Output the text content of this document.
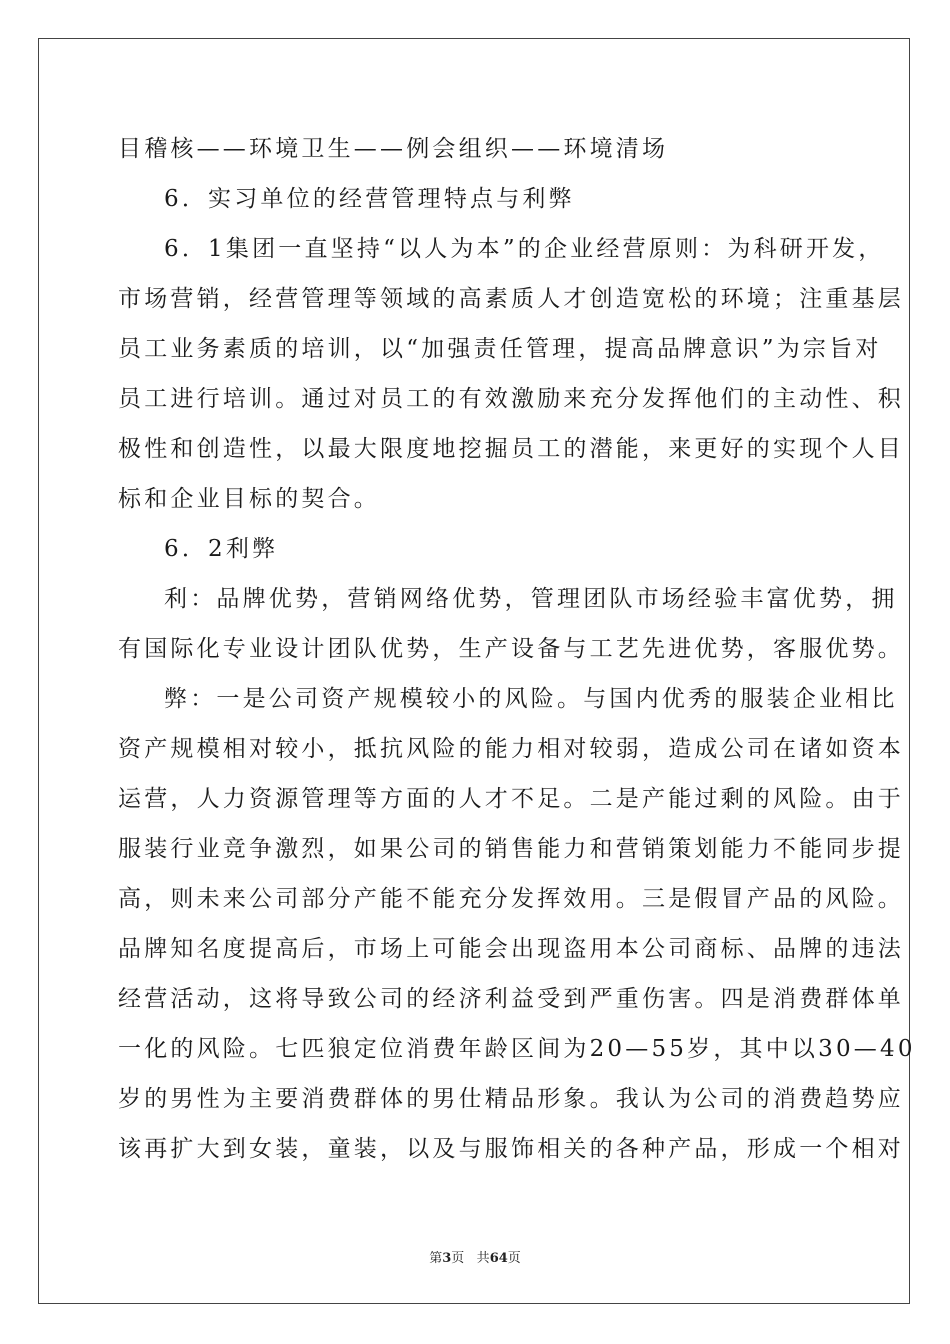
目稽核——环境卫生——例会组织——环境清场

6．实习单位的经营管理特点与利弊

6．1集团一直坚持“以人为本”的企业经营原则：为科研开发，

市场营销，经营管理等领域的高素质人才创造宽松的环境；注重基层

员工业务素质的培训，以“加强责任管理，提高品牌意识”为宗旨对

员工进行培训。通过对员工的有效激励来充分发挥他们的主动性、积

极性和创造性，以最大限度地挖掘员工的潜能，来更好的实现个人目

标和企业目标的契合。

6．2利弊

利：品牌优势，营销网络优势，管理团队市场经验丰富优势，拥

有国际化专业设计团队优势，生产设备与工艺先进优势，客服优势。

弊：一是公司资产规模较小的风险。与国内优秀的服装企业相比

资产规模相对较小，抵抗风险的能力相对较弱，造成公司在诸如资本

运营，人力资源管理等方面的人才不足。二是产能过剩的风险。由于

服装行业竞争激烈，如果公司的销售能力和营销策划能力不能同步提

高，则未来公司部分产能不能充分发挥效用。三是假冒产品的风险。

品牌知名度提高后，市场上可能会出现盗用本公司商标、品牌的违法

经营活动，这将导致公司的经济利益受到严重伤害。四是消费群体单

一化的风险。七匹狼定位消费年龄区间为20—55岁，其中以30—40

岁的男性为主要消费群体的男仕精品形象。我认为公司的消费趋势应

该再扩大到女装，童装，以及与服饰相关的各种产品，形成一个相对

第3页 共64页
